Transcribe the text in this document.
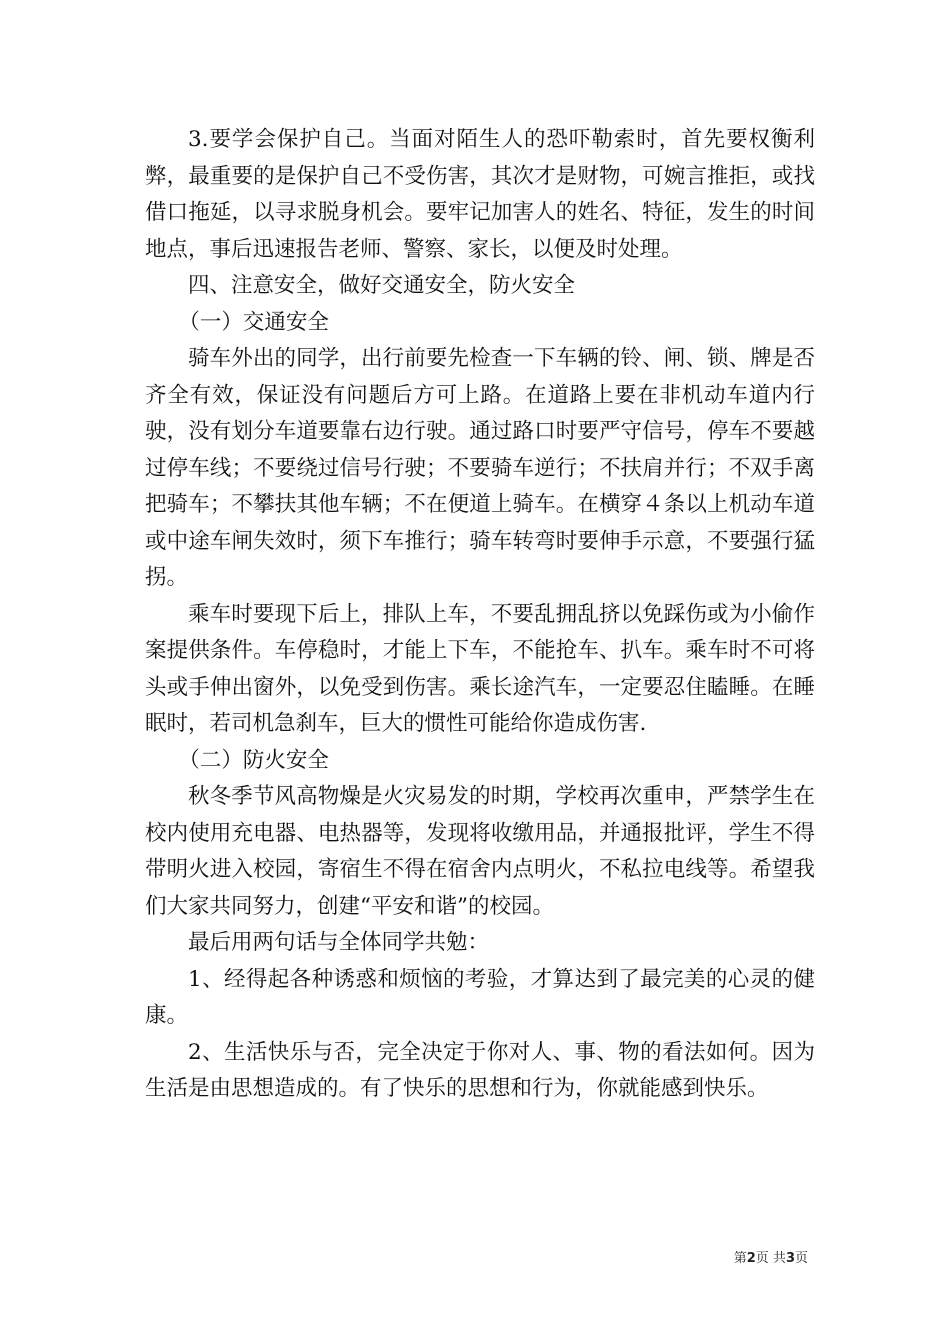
3.要学会保护自己。当面对陌生人的恐吓勒索时，首先要权衡利弊，最重要的是保护自己不受伤害，其次才是财物，可婉言推拒，或找借口拖延，以寻求脱身机会。要牢记加害人的姓名、特征，发生的时间地点，事后迅速报告老师、警察、家长，以便及时处理。

四、注意安全，做好交通安全，防火安全

（一）交通安全

骑车外出的同学，出行前要先检查一下车辆的铃、闸、锁、牌是否齐全有效，保证没有问题后方可上路。在道路上要在非机动车道内行驶，没有划分车道要靠右边行驶。通过路口时要严守信号，停车不要越过停车线；不要绕过信号行驶；不要骑车逆行；不扶肩并行；不双手离把骑车；不攀扶其他车辆；不在便道上骑车。在横穿４条以上机动车道或中途车闸失效时，须下车推行；骑车转弯时要伸手示意，不要强行猛拐。

乘车时要现下后上，排队上车，不要乱拥乱挤以免踩伤或为小偷作案提供条件。车停稳时，才能上下车，不能抢车、扒车。乘车时不可将头或手伸出窗外，以免受到伤害。乘长途汽车，一定要忍住瞌睡。在睡眠时，若司机急刹车，巨大的惯性可能给你造成伤害.

（二）防火安全

秋冬季节风高物燥是火灾易发的时期，学校再次重申，严禁学生在校内使用充电器、电热器等，发现将收缴用品，并通报批评，学生不得带明火进入校园，寄宿生不得在宿舍内点明火，不私拉电线等。希望我们大家共同努力，创建“平安和谐”的校园。

最后用两句话与全体同学共勉：

1、经得起各种诱惑和烦恼的考验，才算达到了最完美的心灵的健康。

2、生活快乐与否，完全决定于你对人、事、物的看法如何。因为生活是由思想造成的。有了快乐的思想和行为，你就能感到快乐。

第2页 共3页
